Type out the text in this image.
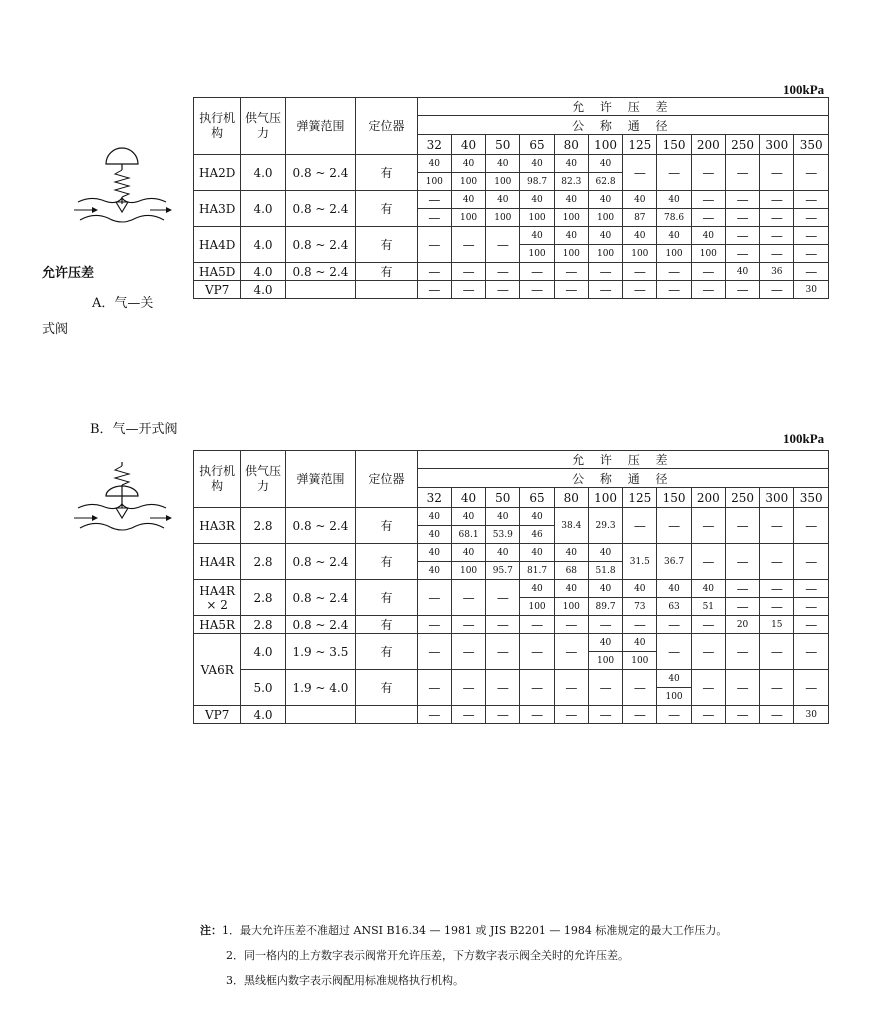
100kPa
100kPa
允许压差
A．气—关
式阀
B．气—开式阀
执行机构	供气压力	弹簧范围	定位器	允 许 压 差											
				公 称 通 径											
				32	40	50	65	80	100	125	150	200	250	300	350
HA2D	4.0	0.8 ~ 2.4	有	40	40	40	40	40	40	—	—	—	—	—	—
				100	100	100	98.7	82.3	62.8						
HA3D	4.0	0.8 ~ 2.4	有	—	40	40	40	40	40	40	40	—	—	—	—
				—	100	100	100	100	100	87	78.6	—	—	—	—
HA4D	4.0	0.8 ~ 2.4	有	—	—	—	40	40	40	40	40	40	—	—	—
							100	100	100	100	100	100	—	—	—
HA5D	4.0	0.8 ~ 2.4	有	—	—	—	—	—	—	—	—	—	40	36	—
VP7	4.0			—	—	—	—	—	—	—	—	—	—	—	30
执行机构	供气压力	弹簧范围	定位器	允 许 压 差											
				公 称 通 径											
				32	40	50	65	80	100	125	150	200	250	300	350
HA3R	2.8	0.8 ~ 2.4	有	40	40	40	40	38.4	29.3	—	—	—	—	—	—
				40	68.1	53.9	46								
HA4R	2.8	0.8 ~ 2.4	有	40	40	40	40	40	40	31.5	36.7	—	—	—	—
				40	100	95.7	81.7	68	51.8						
HA4R × 2	2.8	0.8 ~ 2.4	有	—	—	—	40	40	40	40	40	40	—	—	—
							100	100	89.7	73	63	51	—	—	—
HA5R	2.8	0.8 ~ 2.4	有	—	—	—	—	—	—	—	—	—	20	15	—
VA6R	4.0	1.9 ~ 3.5	有	—	—	—	—	—	40	40	—	—	—	—	—
									100	100					
	5.0	1.9 ~ 4.0	有	—	—	—	—	—	—	—	40	—	—	—	—
											100				
VP7	4.0			—	—	—	—	—	—	—	—	—	—	—	30
注：1．最大允许压差不准超过 ANSI B16.34 — 1981 或 JIS B2201 — 1984 标准规定的最大工作压力。
2．同一格内的上方数字表示阀常开允许压差，下方数字表示阀全关时的允许压差。
3．黑线框内数字表示阀配用标准规格执行机构。
